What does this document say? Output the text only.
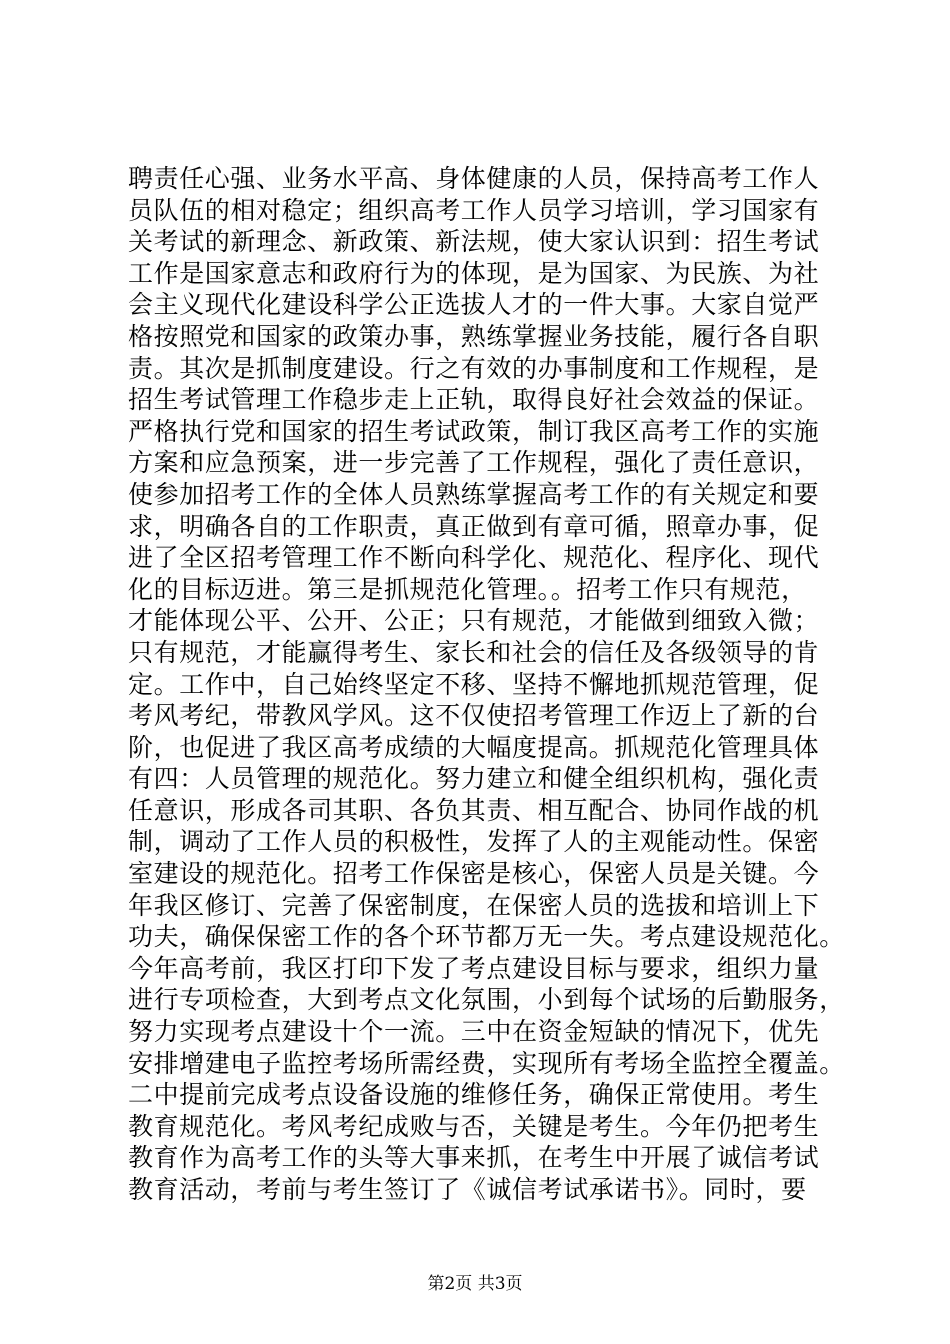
聘责任心强、业务水平高、身体健康的人员，保持高考工作人
员队伍的相对稳定；组织高考工作人员学习培训，学习国家有
关考试的新理念、新政策、新法规，使大家认识到：招生考试
工作是国家意志和政府行为的体现，是为国家、为民族、为社
会主义现代化建设科学公正选拔人才的一件大事。大家自觉严
格按照党和国家的政策办事，熟练掌握业务技能，履行各自职
责。其次是抓制度建设。行之有效的办事制度和工作规程，是
招生考试管理工作稳步走上正轨，取得良好社会效益的保证。
严格执行党和国家的招生考试政策，制订我区高考工作的实施
方案和应急预案，进一步完善了工作规程，强化了责任意识，
使参加招考工作的全体人员熟练掌握高考工作的有关规定和要
求，明确各自的工作职责，真正做到有章可循，照章办事，促
进了全区招考管理工作不断向科学化、规范化、程序化、现代
化的目标迈进。第三是抓规范化管理。。招考工作只有规范，
才能体现公平、公开、公正；只有规范，才能做到细致入微；
只有规范，才能赢得考生、家长和社会的信任及各级领导的肯
定。工作中，自己始终坚定不移、坚持不懈地抓规范管理，促
考风考纪，带教风学风。这不仅使招考管理工作迈上了新的台
阶，也促进了我区高考成绩的大幅度提高。抓规范化管理具体
有四：人员管理的规范化。努力建立和健全组织机构，强化责
任意识，形成各司其职、各负其责、相互配合、协同作战的机
制，调动了工作人员的积极性，发挥了人的主观能动性。保密
室建设的规范化。招考工作保密是核心，保密人员是关键。今
年我区修订、完善了保密制度，在保密人员的选拔和培训上下
功夫，确保保密工作的各个环节都万无一失。考点建设规范化。
今年高考前，我区打印下发了考点建设目标与要求，组织力量
进行专项检查，大到考点文化氛围，小到每个试场的后勤服务，
努力实现考点建设十个一流。三中在资金短缺的情况下，优先
安排增建电子监控考场所需经费，实现所有考场全监控全覆盖。
二中提前完成考点设备设施的维修任务，确保正常使用。考生
教育规范化。考风考纪成败与否，关键是考生。今年仍把考生
教育作为高考工作的头等大事来抓，在考生中开展了诚信考试
教育活动，考前与考生签订了《诚信考试承诺书》。同时，要
第2页 共3页
